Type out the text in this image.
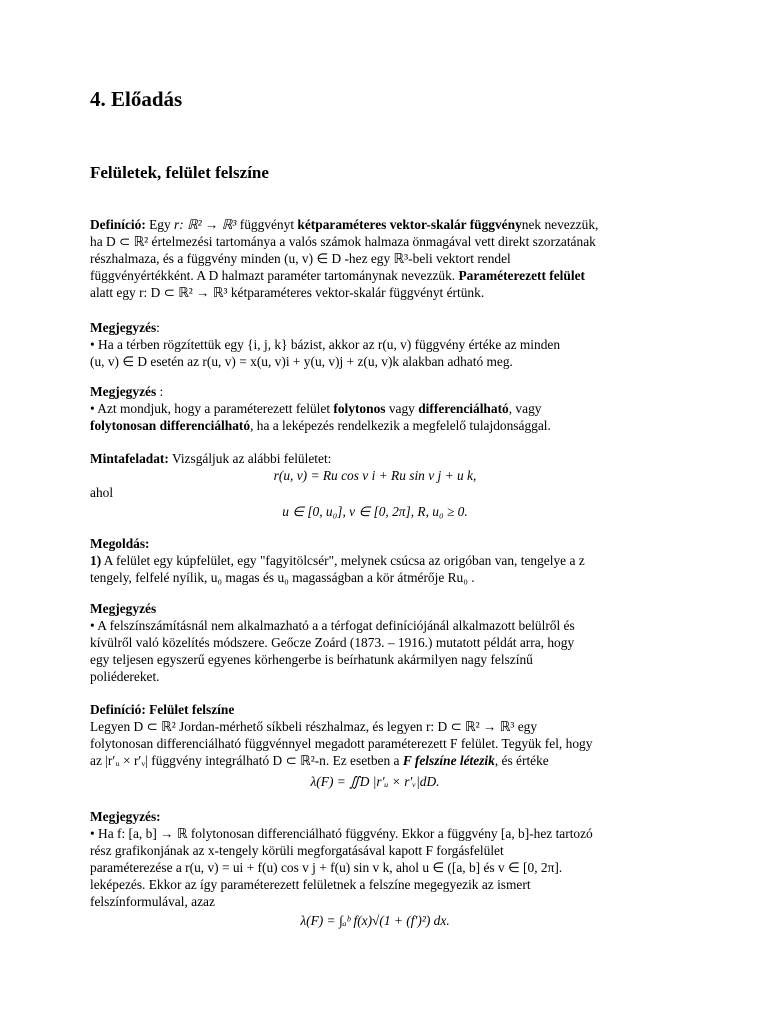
4. Előadás
Felületek, felület felszíne
Definíció: Egy r: ℝ² → ℝ³ függvényt kétparaméteres vektor-skalár függvénynek nevezzük,
ha D ⊂ ℝ² értelmezési tartománya a valós számok halmaza önmagával vett direkt szorzatának
részhalmaza, és a függvény minden (u, v) ∈ D -hez egy ℝ³-beli vektort rendel
függvényértékként. A D halmazt paraméter tartománynak nevezzük. Paraméterezett felület
alatt egy r: D ⊂ ℝ² → ℝ³ kétparaméteres vektor-skalár függvényt értünk.
Megjegyzés:
• Ha a térben rögzítettük egy {i, j, k} bázist, akkor az r(u, v) függvény értéke az minden
(u, v) ∈ D esetén az r(u, v) = x(u, v)i + y(u, v)j + z(u, v)k alakban adható meg.
Megjegyzés :
• Azt mondjuk, hogy a paraméterezett felület folytonos vagy differenciálható, vagy
folytonosan differenciálható, ha a leképezés rendelkezik a megfelelő tulajdonsággal.
Mintafeladat: Vizsgáljuk az alábbi felületet:
r(u, v) = Ru cos v i + Ru sin v j + u k,
ahol
u ∈ [0, u₀], v ∈ [0, 2π], R, u₀ ≥ 0.
Megoldás:
1) A felület egy kúpfelület, egy "fagyitölcsér", melynek csúcsa az origóban van, tengelye a z
tengely, felfelé nyílik, u₀ magas és u₀ magasságban a kör átmérője Ru₀ .
Megjegyzés
• A felszínszámításnál nem alkalmazható a a térfogat definíciójánál alkalmazott belülről és
kívülről való közelítés módszere. Geőcze Zoárd (1873. – 1916.) mutatott példát arra, hogy
egy teljesen egyszerű egyenes körhengerbe is beírhatunk akármilyen nagy felszínű
poliédereket.
Definíció: Felület felszíne
Legyen D ⊂ ℝ² Jordan-mérhető síkbeli részhalmaz, és legyen r: D ⊂ ℝ² → ℝ³ egy
folytonosan differenciálható függvénnyel megadott paraméterezett F felület. Tegyük fel, hogy
az |r′ᵤ × r′ᵥ| függvény integrálható D ⊂ ℝ²-n. Ez esetben a F felszíne létezik, és értéke
λ(F) = ∬D |r′ᵤ × r′ᵥ|dD.
Megjegyzés:
• Ha f: [a, b] → ℝ folytonosan differenciálható függvény. Ekkor a függvény [a, b]-hez tartozó
rész grafikonjának az x-tengely körüli megforgatásával kapott F forgásfelület
paraméterezése a r(u, v) = ui + f(u) cos v j + f(u) sin v k, ahol u ∈ ([a, b] és v ∈ [0, 2π].
leképezés. Ekkor az így paraméterezett felületnek a felszíne megegyezik az ismert
felszínformulával, azaz
λ(F) = ∫ₐᵇ f(x)√(1 + (f′)²) dx.
